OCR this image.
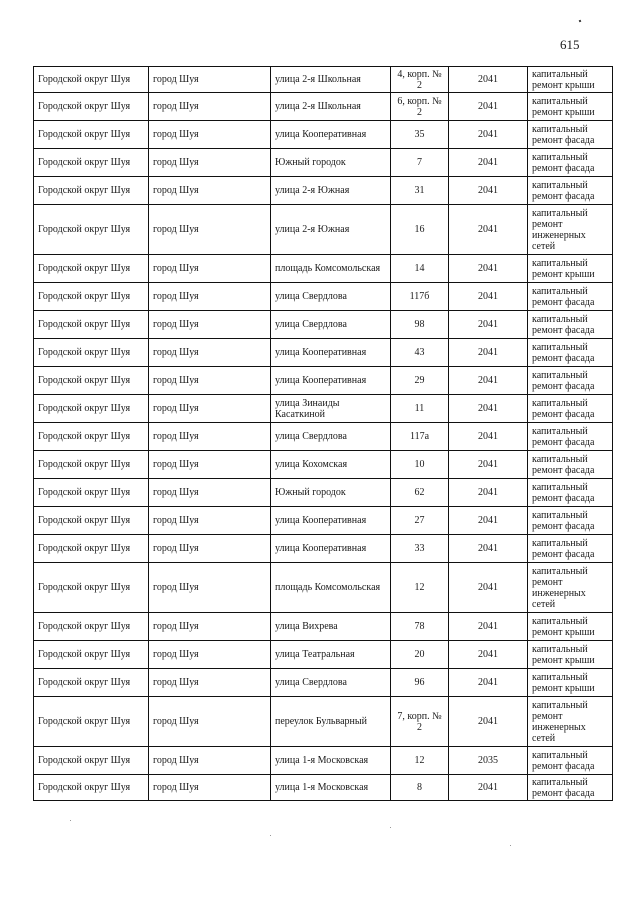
615
Городской округ Шуя	город Шуя	улица 2-я Школьная	4, корп. № 2	2041	капитальный ремонт крыши
Городской округ Шуя	город Шуя	улица 2-я Школьная	6, корп. № 2	2041	капитальный ремонт крыши
Городской округ Шуя	город Шуя	улица Кооперативная	35	2041	капитальный ремонт фасада
Городской округ Шуя	город Шуя	Южный городок	7	2041	капитальный ремонт фасада
Городской округ Шуя	город Шуя	улица 2-я Южная	31	2041	капитальный ремонт фасада
Городской округ Шуя	город Шуя	улица 2-я Южная	16	2041	капитальный ремонт инженерных сетей
Городской округ Шуя	город Шуя	площадь Комсомольская	14	2041	капитальный ремонт крыши
Городской округ Шуя	город Шуя	улица Свердлова	117б	2041	капитальный ремонт фасада
Городской округ Шуя	город Шуя	улица Свердлова	98	2041	капитальный ремонт фасада
Городской округ Шуя	город Шуя	улица Кооперативная	43	2041	капитальный ремонт фасада
Городской округ Шуя	город Шуя	улица Кооперативная	29	2041	капитальный ремонт фасада
Городской округ Шуя	город Шуя	улица Зинаиды Касаткиной	11	2041	капитальный ремонт фасада
Городской округ Шуя	город Шуя	улица Свердлова	117а	2041	капитальный ремонт фасада
Городской округ Шуя	город Шуя	улица Кохомская	10	2041	капитальный ремонт фасада
Городской округ Шуя	город Шуя	Южный городок	62	2041	капитальный ремонт фасада
Городской округ Шуя	город Шуя	улица Кооперативная	27	2041	капитальный ремонт фасада
Городской округ Шуя	город Шуя	улица Кооперативная	33	2041	капитальный ремонт фасада
Городской округ Шуя	город Шуя	площадь Комсомольская	12	2041	капитальный ремонт инженерных сетей
Городской округ Шуя	город Шуя	улица Вихрева	78	2041	капитальный ремонт крыши
Городской округ Шуя	город Шуя	улица Театральная	20	2041	капитальный ремонт крыши
Городской округ Шуя	город Шуя	улица Свердлова	96	2041	капитальный ремонт крыши
Городской округ Шуя	город Шуя	переулок Бульварный	7, корп. № 2	2041	капитальный ремонт инженерных сетей
Городской округ Шуя	город Шуя	улица 1-я Московская	12	2035	капитальный ремонт фасада
Городской округ Шуя	город Шуя	улица 1-я Московская	8	2041	капитальный ремонт фасада
